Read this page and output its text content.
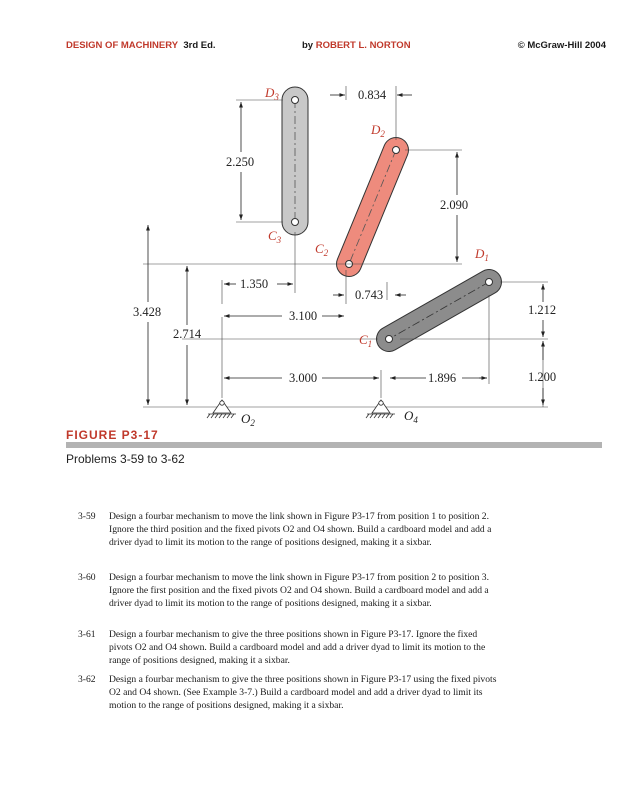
DESIGN OF MACHINERY 3rd Ed.	by ROBERT L. NORTON	© McGraw-Hill 2004
$D_3$
$D_2$
$D_1$
$C_3$
$C_2$
$C_1$
$O_2$	$O_4$
0.834
2.250
2.090
1.350
0.743
3.428	3.100	1.212
2.714
3.000	1.896	1.200
FIGURE P3-17
Problems 3-59 to 3-62
3-59 Design a fourbar mechanism to move the link shown in Figure P3-17 from position 1 to position 2. Ignore the third position and the fixed pivots O2 and O4 shown. Build a cardboard model and add a driver dyad to limit its motion to the range of positions designed, making it a sixbar.
3-60 Design a fourbar mechanism to move the link shown in Figure P3-17 from position 2 to position 3. Ignore the first position and the fixed pivots O2 and O4 shown. Build a cardboard model and add a driver dyad to limit its motion to the range of positions designed, making it a sixbar.
3-61 Design a fourbar mechanism to give the three positions shown in Figure P3-17. Ignore the fixed pivots O2 and O4 shown. Build a cardboard model and add a driver dyad to limit its motion to the range of positions designed, making it a sixbar.
3-62 Design a fourbar mechanism to give the three positions shown in Figure P3-17 using the fixed pivots O2 and O4 shown. (See Example 3-7.) Build a cardboard model and add a driver dyad to limit its motion to the range of positions designed, making it a sixbar.
